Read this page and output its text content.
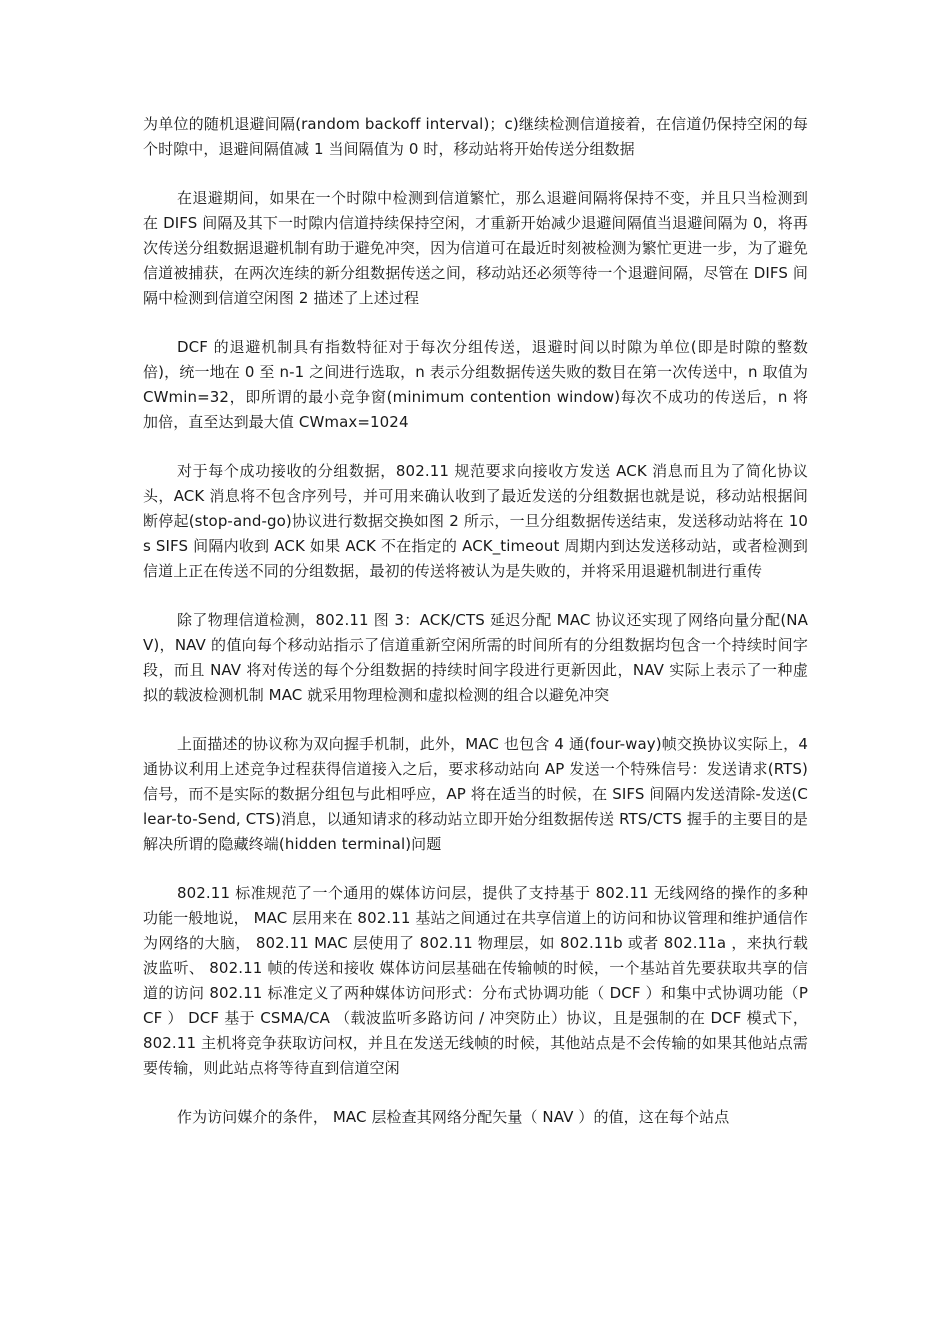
为单位的随机退避间隔(random backoff interval)；c)继续检测信道接着，在信道仍保持空闲的每个时隙中，退避间隔值减 1 当间隔值为 0 时，移动站将开始传送分组数据

在退避期间，如果在一个时隙中检测到信道繁忙，那么退避间隔将保持不变，并且只当检测到在 DIFS 间隔及其下一时隙内信道持续保持空闲，才重新开始减少退避间隔值当退避间隔为 0，将再次传送分组数据退避机制有助于避免冲突，因为信道可在最近时刻被检测为繁忙更进一步，为了避免信道被捕获，在两次连续的新分组数据传送之间，移动站还必须等待一个退避间隔，尽管在 DIFS 间隔中检测到信道空闲图 2 描述了上述过程

DCF 的退避机制具有指数特征对于每次分组传送，退避时间以时隙为单位(即是时隙的整数倍)，统一地在 0 至 n-1 之间进行选取，n 表示分组数据传送失败的数目在第一次传送中，n 取值为 CWmin=32，即所谓的最小竞争窗(minimum contention window)每次不成功的传送后，n 将加倍，直至达到最大值 CWmax=1024

对于每个成功接收的分组数据，802.11 规范要求向接收方发送 ACK 消息而且为了简化协议头，ACK 消息将不包含序列号，并可用来确认收到了最近发送的分组数据也就是说，移动站根据间断停起(stop-and-go)协议进行数据交换如图 2 所示，一旦分组数据传送结束，发送移动站将在 10 s SIFS 间隔内收到 ACK 如果 ACK 不在指定的 ACK_timeout 周期内到达发送移动站，或者检测到信道上正在传送不同的分组数据，最初的传送将被认为是失败的，并将采用退避机制进行重传

除了物理信道检测，802.11 图 3：ACK/CTS 延迟分配 MAC 协议还实现了网络向量分配(NAV)，NAV 的值向每个移动站指示了信道重新空闲所需的时间所有的分组数据均包含一个持续时间字段，而且 NAV 将对传送的每个分组数据的持续时间字段进行更新因此，NAV 实际上表示了一种虚拟的载波检测机制 MAC 就采用物理检测和虚拟检测的组合以避免冲突

上面描述的协议称为双向握手机制，此外，MAC 也包含 4 通(four-way)帧交换协议实际上，4 通协议利用上述竞争过程获得信道接入之后，要求移动站向 AP 发送一个特殊信号：发送请求(RTS)信号，而不是实际的数据分组包与此相呼应，AP 将在适当的时候，在 SIFS 间隔内发送清除-发送(Clear-to-Send, CTS)消息，以通知请求的移动站立即开始分组数据传送 RTS/CTS 握手的主要目的是解决所谓的隐藏终端(hidden terminal)问题

802.11 标准规范了一个通用的媒体访问层，提供了支持基于 802.11 无线网络的操作的多种功能一般地说， MAC 层用来在 802.11 基站之间通过在共享信道上的访问和协议管理和维护通信作为网络的大脑， 802.11 MAC 层使用了 802.11 物理层，如 802.11b 或者 802.11a ，来执行载波监听、 802.11 帧的传送和接收 媒体访问层基础在传输帧的时候，一个基站首先要获取共享的信道的访问 802.11 标准定义了两种媒体访问形式：分布式协调功能（ DCF ）和集中式协调功能（PCF ） DCF 基于 CSMA/CA （载波监听多路访问 / 冲突防止）协议，且是强制的在 DCF 模式下， 802.11 主机将竞争获取访问权，并且在发送无线帧的时候，其他站点是不会传输的如果其他站点需要传输，则此站点将等待直到信道空闲

作为访问媒介的条件， MAC 层检查其网络分配矢量（ NAV ）的值，这在每个站点
